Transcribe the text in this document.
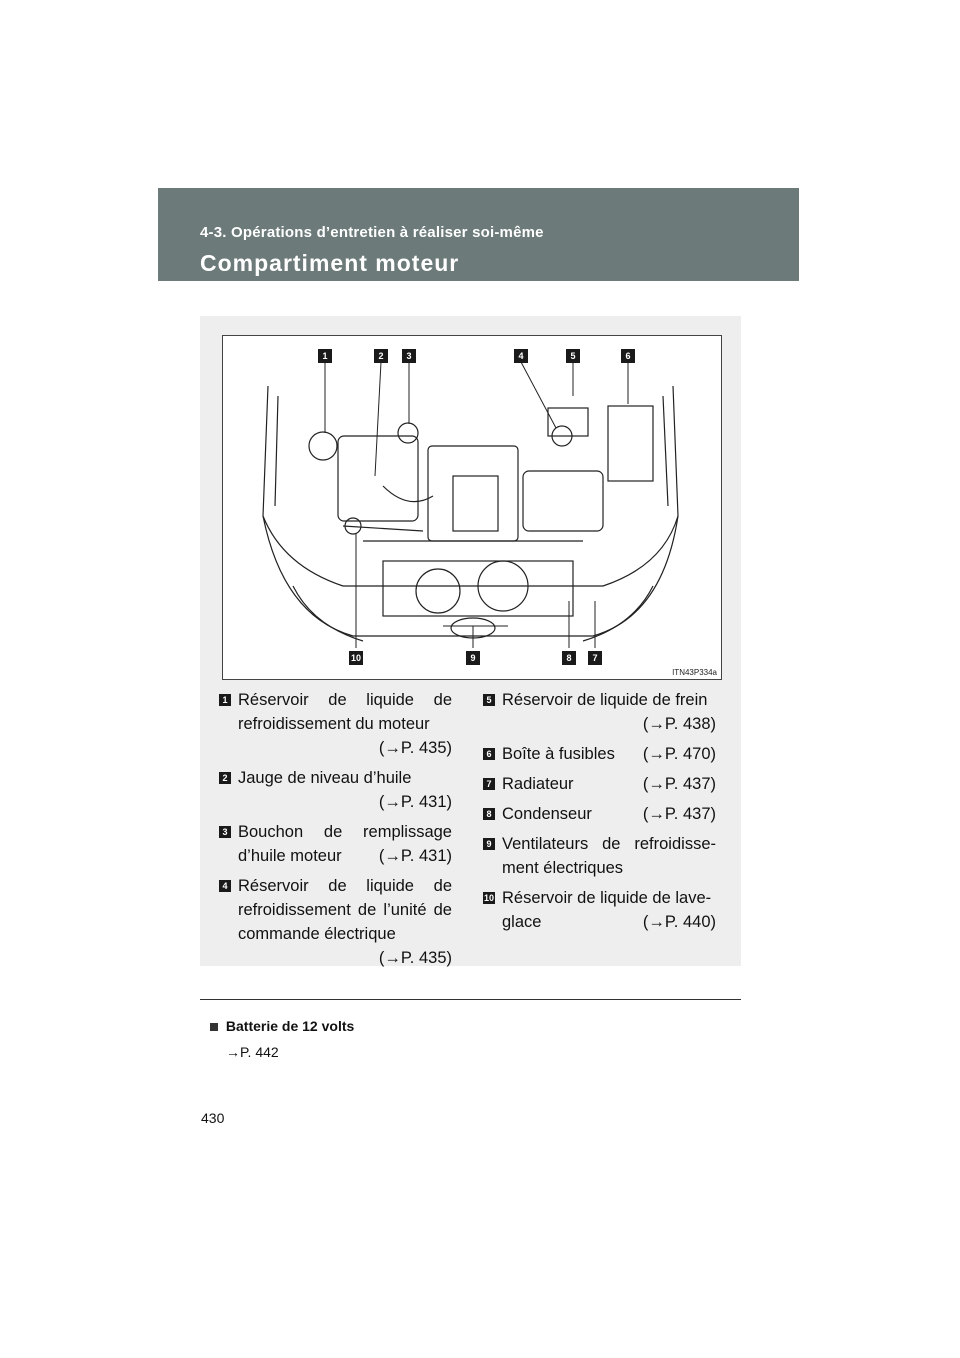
4-3. Opérations d’entretien à réaliser soi-même
Compartiment moteur
1	2	3	4	5	6
10	9	8	7
ITN43P334a
1 Réservoir de liquide de
refroidissement du moteur
(→P. 435)
2 Jauge de niveau d’huile
(→P. 431)
3 Bouchon de remplissage
d’huile moteur (→P. 431)
4 Réservoir de liquide de
refroidissement de l’unité de
commande électrique
(→P. 435)
5 Réservoir de liquide de frein
(→P. 438)
6 Boîte à fusibles (→P. 470)
7 Radiateur	(→P. 437)
8 Condenseur	(→P. 437)
9 Ventilateurs de refroidisse-
ment électriques
10 Réservoir de liquide de lave-
glace	(→P. 440)
Batterie de 12 volts
→P. 442
430
